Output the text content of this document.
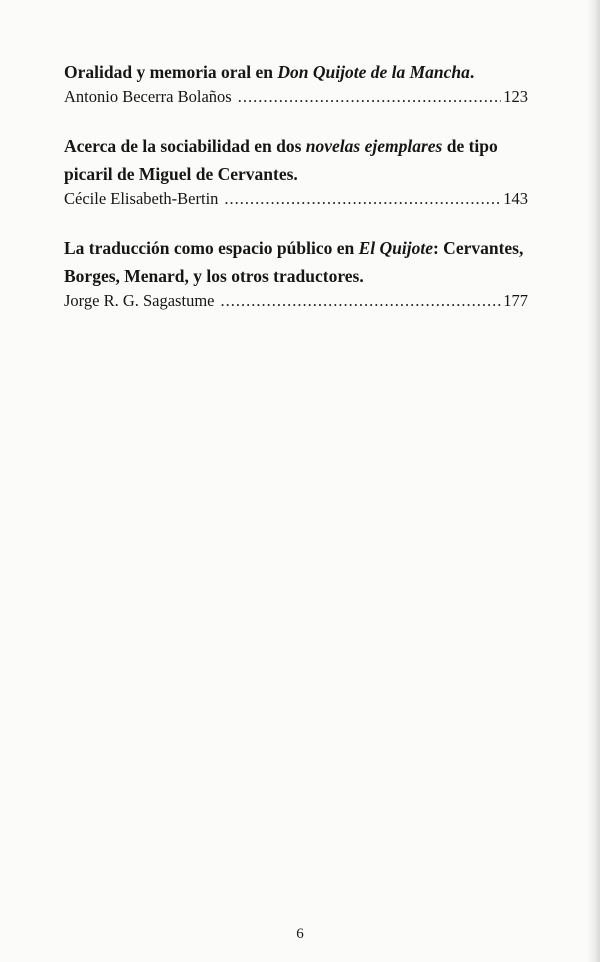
Oralidad y memoria oral en Don Quijote de la Mancha.

Antonio Becerra Bolaños .....	123

Acerca de la sociabilidad en dos novelas ejemplares de tipo picaril de Miguel de Cervantes.

Cécile Elisabeth-Bertin .....	143

La traducción como espacio público en El Quijote: Cervantes, Borges, Menard, y los otros traductores.

Jorge R. G. Sagastume .....	177
6
